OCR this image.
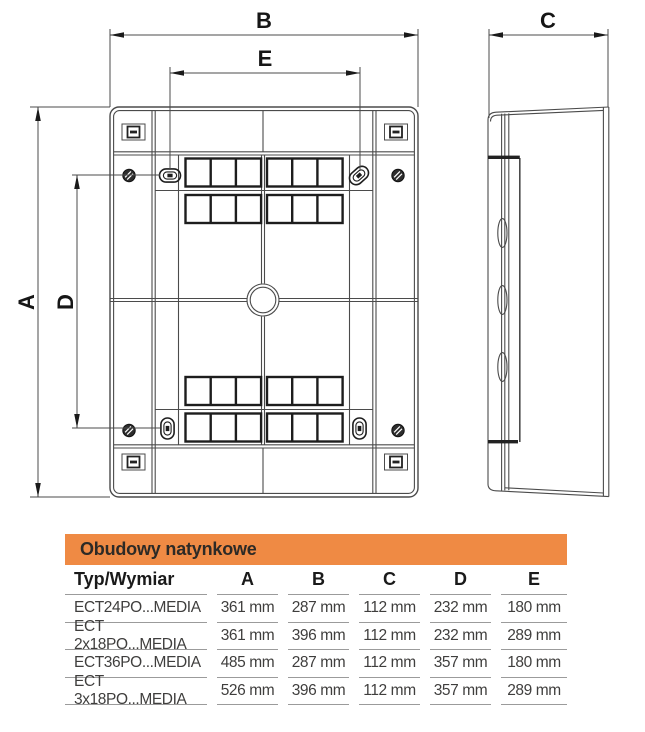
B
E
C
A D
Obudowy natynkowe
Typ/Wymiar	A	B	C	D	E
ECT24PO...MEDIA	361 mm 287 mm 112 mm 232 mm	180 mm
ECT 2x18PO...MEDIA
361 mm 396 mm 112 mm 232 mm	289 mm
ECT36PO...MEDIA	485 mm 287 mm 112 mm 357 mm	180 mm
ECT 3x18PO...MEDIA
526 mm 396 mm 112 mm 357 mm	289 mm
